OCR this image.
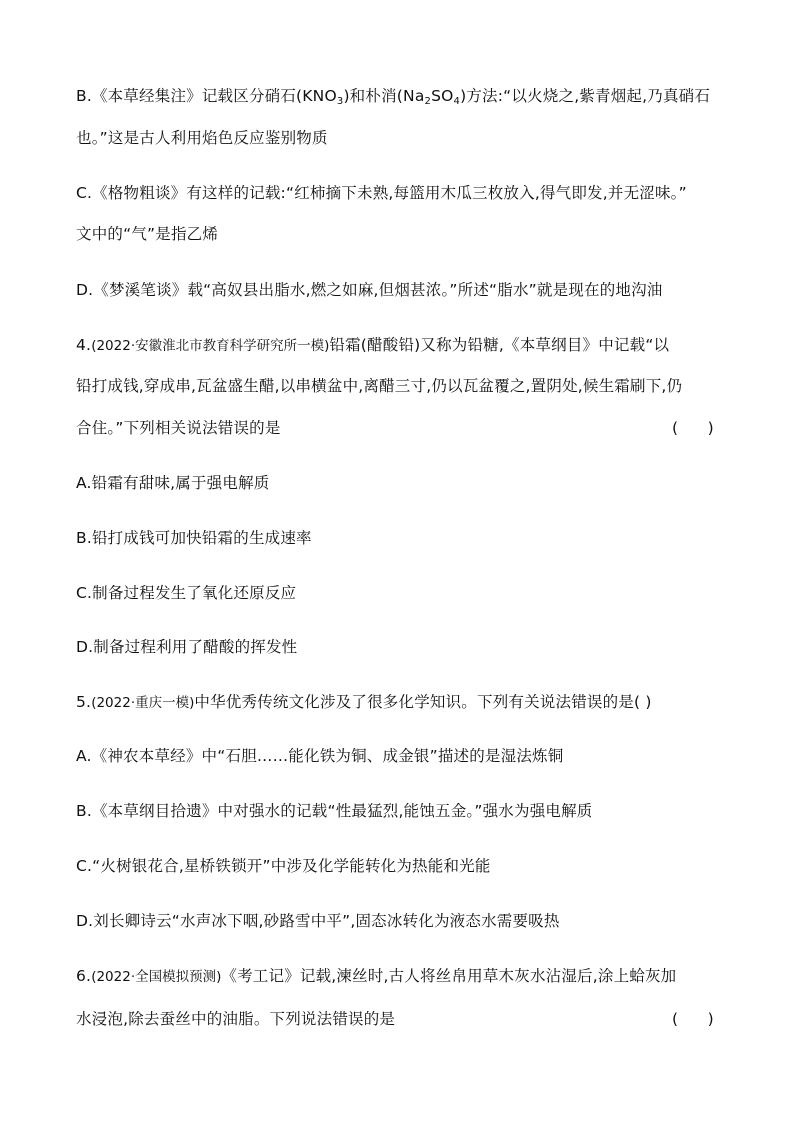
B.《本草经集注》记载区分硝石$(KNO_3)$和朴消$(Na_2SO_4)$方法:“以火烧之,紫青烟起,乃真硝石
也。”这是古人利用焰色反应鉴别物质
C.《格物粗谈》有这样的记载:“红柿摘下未熟,每篮用木瓜三枚放入,得气即发,并无涩味。”
文中的“气”是指乙烯
D.《梦溪笔谈》载“高奴县出脂水,燃之如麻,但烟甚浓。”所述“脂水”就是现在的地沟油
4.(2022·安徽淮北市教育科学研究所一模)铅霜(醋酸铅)又称为铅糖,《本草纲目》中记载“以
铅打成钱,穿成串,瓦盆盛生醋,以串横盆中,离醋三寸,仍以瓦盆覆之,置阴处,候生霜刷下,仍
合住。”下列相关说法错误的是	(      )
A.铅霜有甜味,属于强电解质
B.铅打成钱可加快铅霜的生成速率
C.制备过程发生了氧化还原反应
D.制备过程利用了醋酸的挥发性
5.(2022·重庆一模)中华优秀传统文化涉及了很多化学知识。下列有关说法错误的是( )
A.《神农本草经》中“石胆……能化铁为铜、成金银”描述的是湿法炼铜
B.《本草纲目拾遗》中对强水的记载“性最猛烈,能蚀五金。”强水为强电解质
C.“火树银花合,星桥铁锁开”中涉及化学能转化为热能和光能
D.刘长卿诗云“水声冰下咽,砂路雪中平”,固态冰转化为液态水需要吸热
6.(2022·全国模拟预测)《考工记》记载,湅丝时,古人将丝帛用草木灰水沾湿后,涂上蛤灰加
水浸泡,除去蚕丝中的油脂。下列说法错误的是	(      )
